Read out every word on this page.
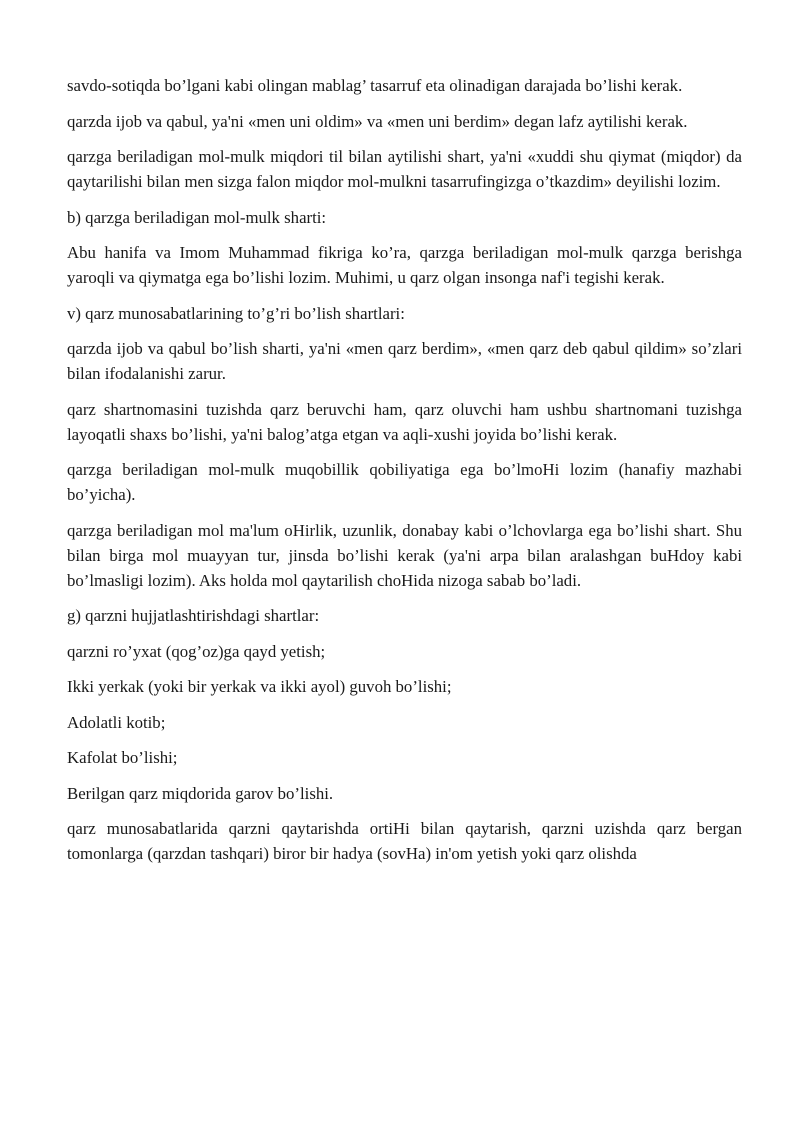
savdo-sotiqda bo’lgani kabi olingan mablag’ tasarruf eta olinadigan darajada bo’lishi kerak.

qarzda ijob va qabul, ya'ni «men uni oldim» va «men uni berdim» degan lafz aytilishi kerak.

qarzga beriladigan mol-mulk miqdori til bilan aytilishi shart, ya'ni «xuddi shu qiymat (miqdor) da qaytarilishi bilan men sizga falon miqdor mol-mulkni tasarrufingizga o’tkazdim» deyilishi lozim.

b) qarzga beriladigan mol-mulk sharti:

Abu hanifa va Imom Muhammad fikriga ko’ra, qarzga beriladigan mol-mulk qarzga berishga yaroqli va qiymatga ega bo’lishi lozim. Muhimi, u qarz olgan insonga naf'i tegishi kerak.

v) qarz munosabatlarining to’g’ri bo’lish shartlari:

qarzda ijob va qabul bo’lish sharti, ya'ni «men qarz berdim», «men qarz deb qabul qildim» so’zlari bilan ifodalanishi zarur.

qarz shartnomasini tuzishda qarz beruvchi ham, qarz oluvchi ham ushbu shartnomani tuzishga layoqatli shaxs bo’lishi, ya'ni balog’atga etgan va aqli-xushi joyida bo’lishi kerak.

qarzga beriladigan mol-mulk muqobillik qobiliyatiga ega bo’lmoHi lozim (hanafiy mazhabi bo’yicha).

qarzga beriladigan mol ma'lum oHirlik, uzunlik, donabay kabi o’lchovlarga ega bo’lishi shart. Shu bilan birga mol muayyan tur, jinsda bo’lishi kerak (ya'ni arpa bilan aralashgan buHdoy kabi bo’lmasligi lozim). Aks holda mol qaytarilish choHida nizoga sabab bo’ladi.

g) qarzni hujjatlashtirishdagi shartlar:

qarzni ro’yxat (qog’oz)ga qayd yetish;

Ikki yerkak (yoki bir yerkak va ikki ayol) guvoh bo’lishi;

Adolatli kotib;

Kafolat bo’lishi;

Berilgan qarz miqdorida garov bo’lishi.

qarz munosabatlarida qarzni qaytarishda ortiHi bilan qaytarish, qarzni uzishda qarz bergan tomonlarga (qarzdan tashqari) biror bir hadya (sovHa) in'om yetish yoki qarz olishda
